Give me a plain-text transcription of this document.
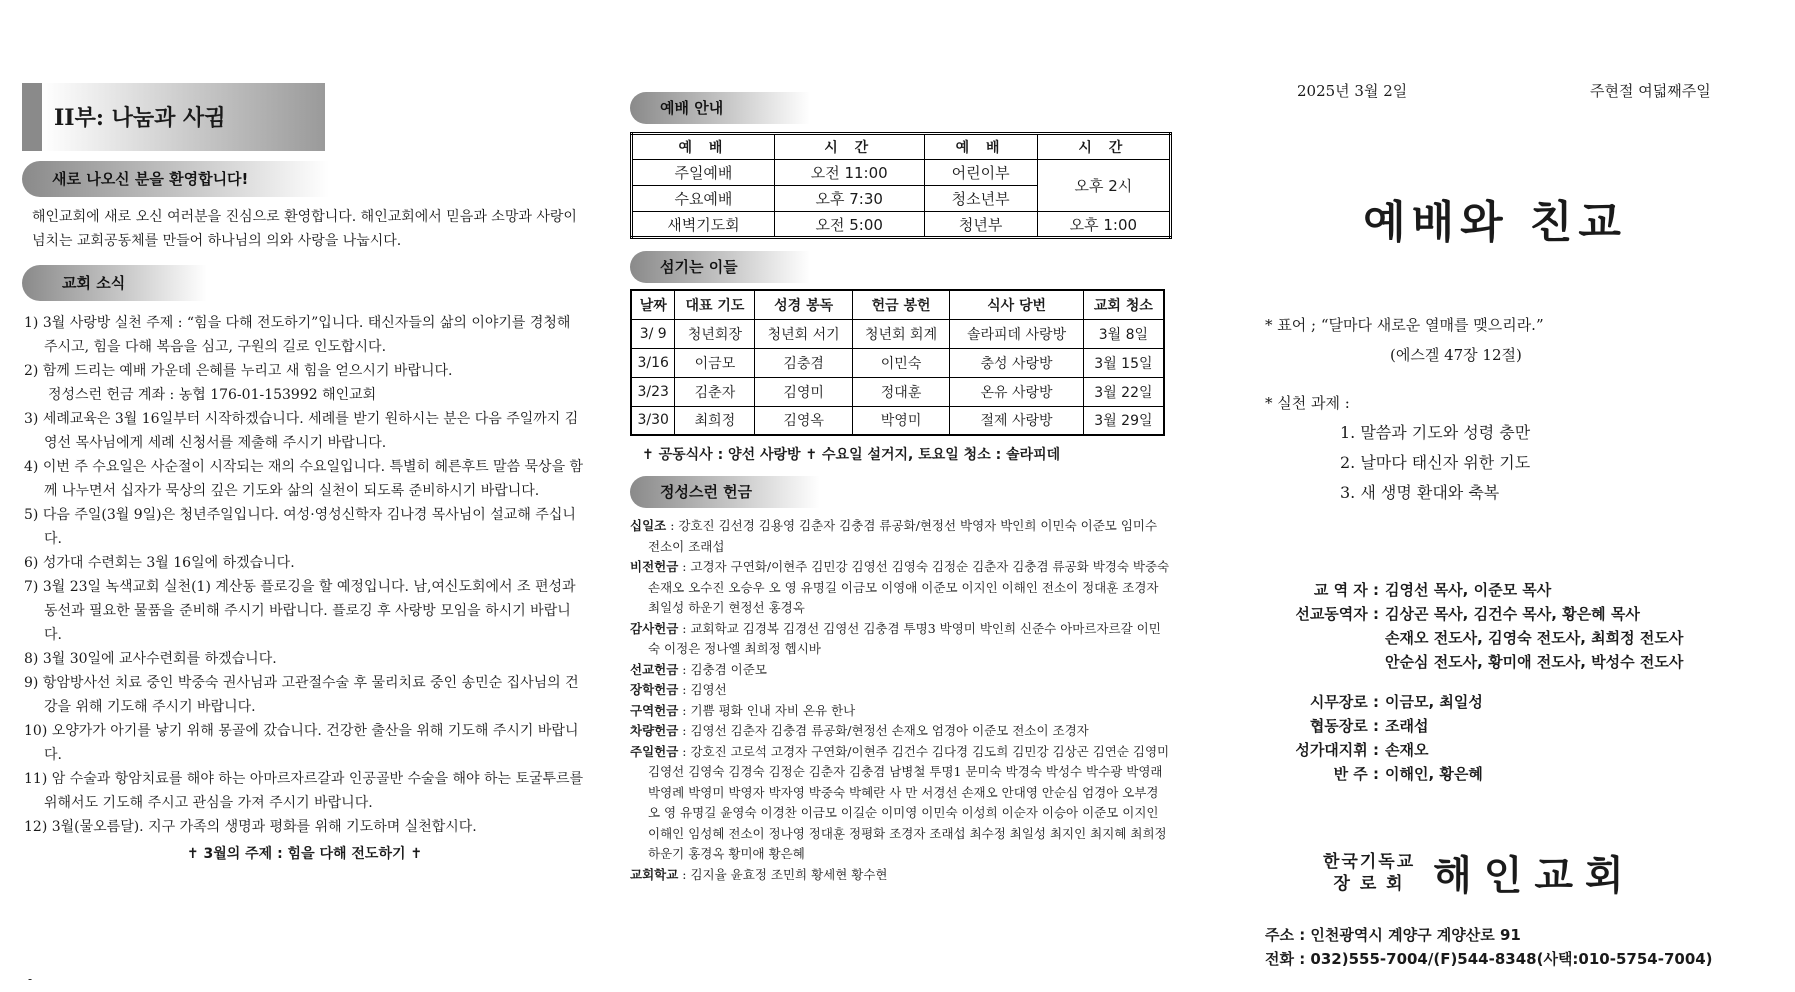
II부: 나눔과 사귐
새로 나오신 분을 환영합니다!

해인교회에 새로 오신 여러분을 진심으로 환영합니다. 해인교회에서 믿음과 소망과 사랑이 넘치는 교회공동체를 만들어 하나님의 의와 사랑을 나눕시다.

교회 소식
1) 3월 사랑방 실천 주제 : “힘을 다해 전도하기”입니다. 태신자들의 삶의 이야기를 경청해 주시고, 힘을 다해 복음을 심고, 구원의 길로 인도합시다.
2) 함께 드리는 예배 가운데 은혜를 누리고 새 힘을 얻으시기 바랍니다.
정성스런 헌금 계좌 : 농협 176-01-153992 해인교회
3) 세례교육은 3월 16일부터 시작하겠습니다. 세례를 받기 원하시는 분은 다음 주일까지 김영선 목사님에게 세례 신청서를 제출해 주시기 바랍니다.
4) 이번 주 수요일은 사순절이 시작되는 재의 수요일입니다. 특별히 헤른후트 말씀 묵상을 함께 나누면서 십자가 묵상의 깊은 기도와 삶의 실천이 되도록 준비하시기 바랍니다.
5) 다음 주일(3월 9일)은 청년주일입니다. 여성·영성신학자 김나경 목사님이 설교해 주십니다.
6) 성가대 수련회는 3월 16일에 하겠습니다.
7) 3월 23일 녹색교회 실천(1) 계산동 플로깅을 할 예정입니다. 남,여신도회에서 조 편성과 동선과 필요한 물품을 준비해 주시기 바랍니다. 플로깅 후 사랑방 모임을 하시기 바랍니다.
8) 3월 30일에 교사수련회를 하겠습니다.
9) 항암방사선 치료 중인 박중숙 권사님과 고관절수술 후 물리치료 중인 송민순 집사님의 건강을 위해 기도해 주시기 바랍니다.
10) 오양가가 아기를 낳기 위해 몽골에 갔습니다. 건강한 출산을 위해 기도해 주시기 바랍니다.
11) 암 수술과 항암치료를 해야 하는 아마르자르갈과 인공골반 수술을 해야 하는 토굴투르를 위해서도 기도해 주시고 관심을 가져 주시기 바랍니다.
12) 3월(물오름달). 지구 가족의 생명과 평화를 위해 기도하며 실천합시다.
✝ 3월의 주제 : 힘을 다해 전도하기 ✝
예배 안내
예 배	시 간	예 배	시 간
주일예배	오전 11:00	어린이부	오후 2시
수요예배	오후 7:30	청소년부	
새벽기도회	오전 5:00	청년부	오후 1:00
섬기는 이들
날짜	대표 기도	성경 봉독	헌금 봉헌	식사 당번	교회 청소
3/ 9	청년회장	청년회 서기	청년회 회계	솔라피데 사랑방	3월 8일
3/16	이금모	김충겸	이민숙	충성 사랑방	3월 15일
3/23	김춘자	김영미	정대훈	온유 사랑방	3월 22일
3/30	최희정	김영옥	박영미	절제 사랑방	3월 29일
✝ 공동식사 : 양선 사랑방 ✝ 수요일 설거지, 토요일 청소 : 솔라피데
정성스런 헌금
십일조 : 강호진 김선경 김용영 김춘자 김충겸 류공화/현정선 박영자 박인희 이민숙 이준모 임미수 전소이 조래섭
비전헌금 : 고경자 구연화/이현주 김민강 김영선 김영숙 김정순 김춘자 김충겸 류공화 박경숙 박중숙 손재오 오수진 오승우 오 영 유명길 이금모 이영애 이준모 이지인 이해인 전소이 정대훈 조경자 최일성 하운기 현정선 홍경옥
감사헌금 : 교회학교 김경복 김경선 김영선 김충겸 투명3 박영미 박인희 신준수 아마르자르갈 이민숙 이정은 정나엘 최희정 헵시바
선교헌금 : 김충겸 이준모
장학헌금 : 김영선
구역헌금 : 기쁨 평화 인내 자비 온유 한나
차량헌금 : 김영선 김춘자 김충겸 류공화/현정선 손재오 엄경아 이준모 전소이 조경자
주일헌금 : 강호진 고로석 고경자 구연화/이현주 김건수 김다경 김도희 김민강 김상곤 김연순 김영미 김영선 김영숙 김경숙 김정순 김춘자 김충겸 남병철 투명1 문미숙 박경숙 박성수 박수광 박영래 박영례 박영미 박영자 박자영 박중숙 박혜란 사 만 서경선 손재오 안대영 안순심 엄경아 오부경 오 영 유명길 윤영숙 이경찬 이금모 이길순 이미영 이민숙 이성희 이순자 이승아 이준모 이지인 이해인 임성혜 전소이 정나영 정대훈 정평화 조경자 조래섭 최수정 최일성 최지인 최지혜 최희정 하운기 홍경옥 황미애 황은혜
교회학교 : 김지율 윤효정 조민희 황세현 황수현
2025년 3월 2일	주현절 여덟째주일
예배와 친교
* 표어 ; “달마다 새로운 열매를 맺으리라.”
(에스겔 47장 12절)
* 실천 과제 :
1. 말씀과 기도와 성령 충만
2. 날마다 태신자 위한 기도
3. 새 생명 환대와 축복
교 역 자 : 김영선 목사, 이준모 목사
선교동역자 : 김상곤 목사, 김건수 목사, 황은혜 목사
손재오 전도사, 김영숙 전도사, 최희정 전도사
안순심 전도사, 황미애 전도사, 박성수 전도사
시무장로 : 이금모, 최일성
협동장로 : 조래섭
성가대지휘 : 손재오
반 주 : 이해인, 황은혜
한국기독교
장 로 회 해인교회
주소 : 인천광역시 계양구 계양산로 91
전화 : 032)555-7004/(F)544-8348(사택:010-5754-7004)
-
